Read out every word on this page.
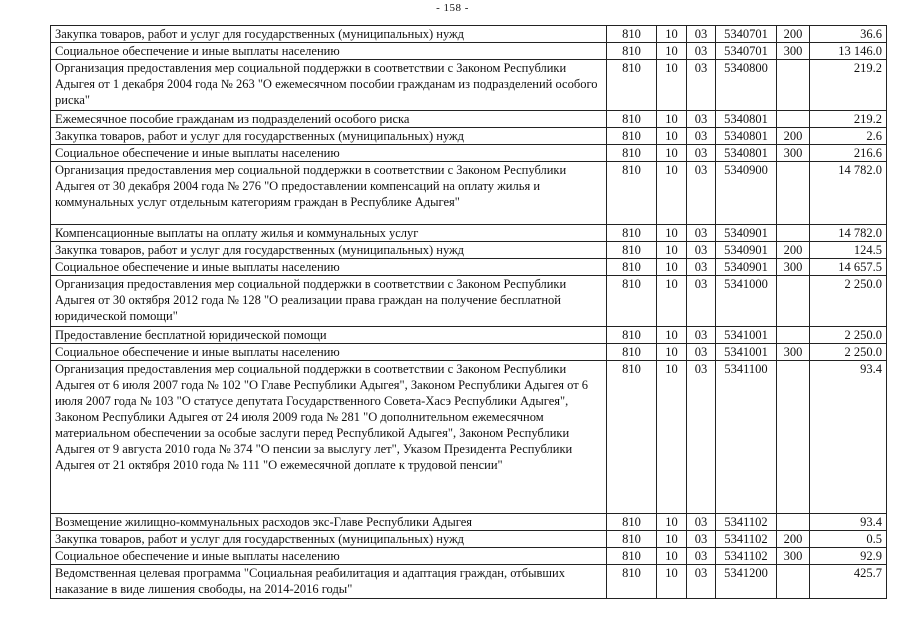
- 158 -
Закупка товаров, работ и услуг для государственных (муниципальных) нужд	810	10	03	5340701	200	36.6
Социальное обеспечение и иные выплаты населению	810	10	03	5340701	300	13 146.0
Организация предоставления мер социальной поддержки в соответствии с Законом Республики Адыгея от 1 декабря 2004 года № 263 "О ежемесячном пособии гражданам из подразделений особого риска"	810	10	03	5340800		219.2
Ежемесячное пособие гражданам из подразделений особого риска	810	10	03	5340801		219.2
Закупка товаров, работ и услуг для государственных (муниципальных) нужд	810	10	03	5340801	200	2.6
Социальное обеспечение и иные выплаты населению	810	10	03	5340801	300	216.6
Организация предоставления мер социальной поддержки в соответствии с Законом Республики Адыгея от 30 декабря 2004 года № 276 "О предоставлении компенсаций на оплату жилья и коммунальных услуг отдельным категориям граждан в Республике Адыгея"	810	10	03	5340900		14 782.0
Компенсационные выплаты на оплату жилья и коммунальных услуг	810	10	03	5340901		14 782.0
Закупка товаров, работ и услуг для государственных (муниципальных) нужд	810	10	03	5340901	200	124.5
Социальное обеспечение и иные выплаты населению	810	10	03	5340901	300	14 657.5
Организация предоставления мер социальной поддержки в соответствии с Законом Республики Адыгея от 30 октября 2012 года № 128 "О реализации права граждан на получение бесплатной юридической помощи"	810	10	03	5341000		2 250.0
Предоставление бесплатной юридической помощи	810	10	03	5341001		2 250.0
Социальное обеспечение и иные выплаты населению	810	10	03	5341001	300	2 250.0
Организация предоставления мер социальной поддержки в соответствии с Законом Республики Адыгея от 6 июля 2007 года № 102 "О Главе Республики Адыгея", Законом Республики Адыгея от 6 июля 2007 года № 103 "О статусе депутата Государственного Совета-Хасэ Республики Адыгея", Законом Республики Адыгея от 24 июля 2009 года № 281 "О дополнительном ежемесячном материальном обеспечении за особые заслуги перед Республикой Адыгея", Законом Республики Адыгея от 9 августа 2010 года № 374 "О пенсии за выслугу лет", Указом Президента Республики Адыгея от 21 октября 2010 года № 111 "О ежемесячной доплате к трудовой пенсии"	810	10	03	5341100		93.4
Возмещение жилищно-коммунальных расходов экс-Главе Республики Адыгея	810	10	03	5341102		93.4
Закупка товаров, работ и услуг для государственных (муниципальных) нужд	810	10	03	5341102	200	0.5
Социальное обеспечение и иные выплаты населению	810	10	03	5341102	300	92.9
Ведомственная целевая программа "Социальная реабилитация и адаптация граждан, отбывших наказание в виде лишения свободы, на 2014-2016 годы"	810	10	03	5341200		425.7
